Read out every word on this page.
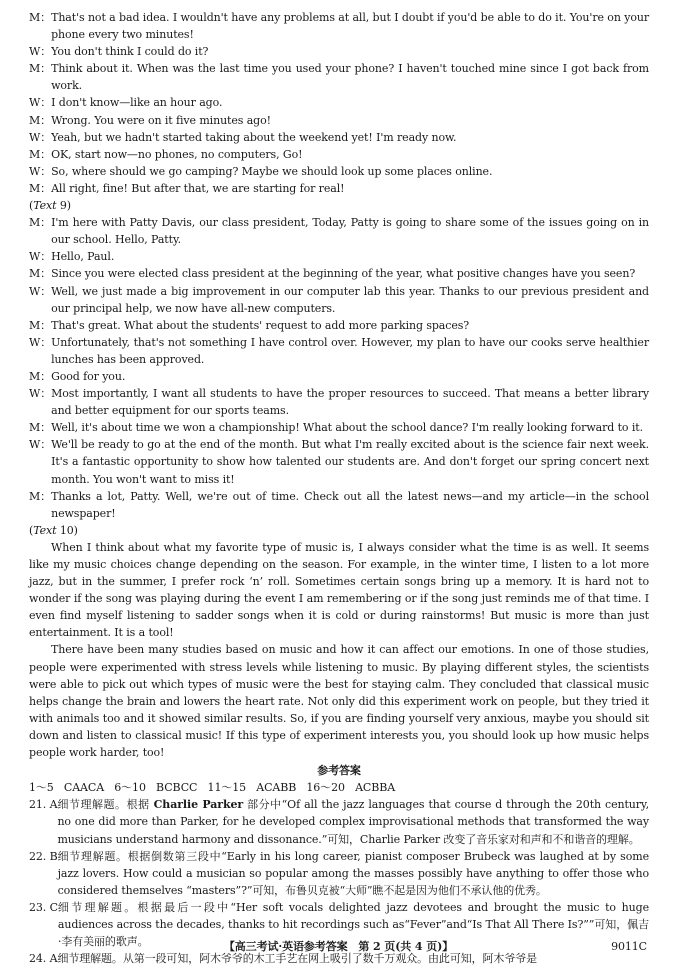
M： That's not a bad idea. I wouldn't have any problems at all, but I doubt if you'd be able to do it. You're on your phone every two minutes!
W： You don't think I could do it?
M： Think about it. When was the last time you used your phone? I haven't touched mine since I got back from work.
W： I don't know—like an hour ago.
M： Wrong. You were on it five minutes ago!
W： Yeah, but we hadn't started taking about the weekend yet! I'm ready now.
M： OK, start now—no phones, no computers, Go!
W： So, where should we go camping? Maybe we should look up some places online.
M： All right, fine! But after that, we are starting for real!
(Text 9)
M： I'm here with Patty Davis, our class president, Today, Patty is going to share some of the issues going on in our school. Hello, Patty.
W： Hello, Paul.
M： Since you were elected class president at the beginning of the year, what positive changes have you seen?
W： Well, we just made a big improvement in our computer lab this year. Thanks to our previous president and our principal help, we now have all-new computers.
M： That's great. What about the students' request to add more parking spaces?
W： Unfortunately, that's not something I have control over. However, my plan to have our cooks serve healthier lunches has been approved.
M： Good for you.
W： Most importantly, I want all students to have the proper resources to succeed. That means a better library and better equipment for our sports teams.
M： Well, it's about time we won a championship! What about the school dance? I'm really looking forward to it.
W： We'll be ready to go at the end of the month. But what I'm really excited about is the science fair next week. It's a fantastic opportunity to show how talented our students are. And don't forget our spring concert next month. You won't want to miss it!
M： Thanks a lot, Patty. Well, we're out of time. Check out all the latest news—and my article—in the school newspaper!
(Text 10)

When I think about what my favorite type of music is, I always consider what the time is as well. It seems like my music choices change depending on the season. For example, in the winter time, I listen to a lot more jazz, but in the summer, I prefer rock ‘n’ roll. Sometimes certain songs bring up a memory. It is hard not to wonder if the song was playing during the event I am remembering or if the song just reminds me of that time. I even find myself listening to sadder songs when it is cold or during rainstorms! But music is more than just entertainment. It is a tool!

There have been many studies based on music and how it can affect our emotions. In one of those studies, people were experimented with stress levels while listening to music. By playing different styles, the scientists were able to pick out which types of music were the best for staying calm. They concluded that classical music helps change the brain and lowers the heart rate. Not only did this experiment work on people, but they tried it with animals too and it showed similar results. So, if you are finding yourself very anxious, maybe you should sit down and listen to classical music! If this type of experiment interests you, you should look up how music helps people work harder, too!

参考答案
1～5   CAACA   6～10   BCBCC   11～15   ACABB   16～20   ACBBA
21. A 细节理解题。根据 Charlie Parker 部分中“Of all the jazz languages that course d through the 20th century, no one did more than Parker, for he developed complex improvisational methods that transformed the way musicians understand harmony and dissonance.”可知，Charlie Parker 改变了音乐家对和声和不和谐音的理解。
22. B 细节理解题。根据倒数第三段中“Early in his long career, pianist composer Brubeck was laughed at by some jazz lovers. How could a musician so popular among the masses possibly have anything to offer those who considered themselves “masters”?”可知，布鲁贝克被“大师”瞧不起是因为他们不承认他的优秀。
23. C 细节理解题。根据最后一段中“Her soft vocals delighted jazz devotees and brought the music to huge audiences across the decades, thanks to hit recordings such as“Fever”and“Is That All There Is?””可知，佩吉·李有美丽的歌声。
24. A 细节理解题。从第一段可知，阿木爷爷的木工手艺在网上吸引了数千万观众。由此可知，阿木爷爷是
【高三考试·英语参考答案　第 2 页(共 4 页)】	9011C
